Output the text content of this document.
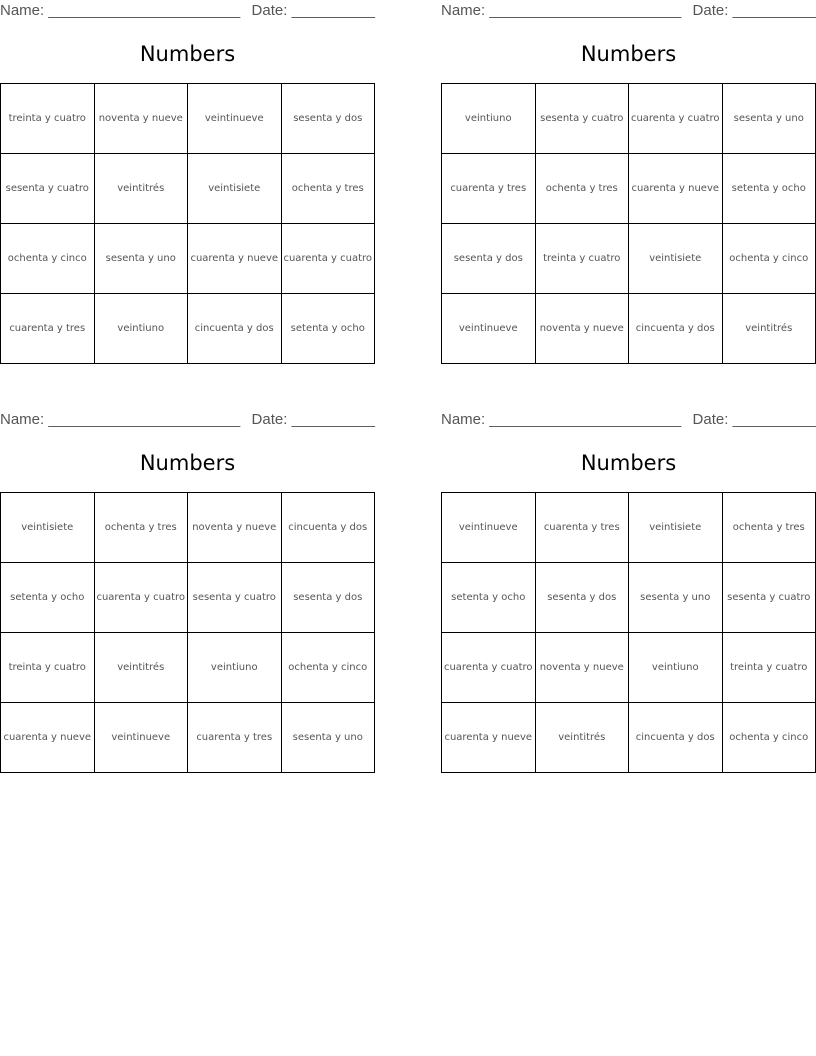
Name: _______________________ Date: __________
Numbers
treinta y cuatro	noventa y nueve	veintinueve	sesenta y dos
sesenta y cuatro	veintitrés	veintisiete	ochenta y tres
ochenta y cinco	sesenta y uno	cuarenta y nueve	cuarenta y cuatro
cuarenta y tres	veintiuno	cincuenta y dos	setenta y ocho
Name: _______________________ Date: __________
Numbers
veintiuno	sesenta y cuatro	cuarenta y cuatro	sesenta y uno
cuarenta y tres	ochenta y tres	cuarenta y nueve	setenta y ocho
sesenta y dos	treinta y cuatro	veintisiete	ochenta y cinco
veintinueve	noventa y nueve	cincuenta y dos	veintitrés
Name: _______________________ Date: __________
Numbers
veintisiete	ochenta y tres	noventa y nueve	cincuenta y dos
setenta y ocho	cuarenta y cuatro	sesenta y cuatro	sesenta y dos
treinta y cuatro	veintitrés	veintiuno	ochenta y cinco
cuarenta y nueve	veintinueve	cuarenta y tres	sesenta y uno
Name: _______________________ Date: __________
Numbers
veintinueve	cuarenta y tres	veintisiete	ochenta y tres
setenta y ocho	sesenta y dos	sesenta y uno	sesenta y cuatro
cuarenta y cuatro	noventa y nueve	veintiuno	treinta y cuatro
cuarenta y nueve	veintitrés	cincuenta y dos	ochenta y cinco
